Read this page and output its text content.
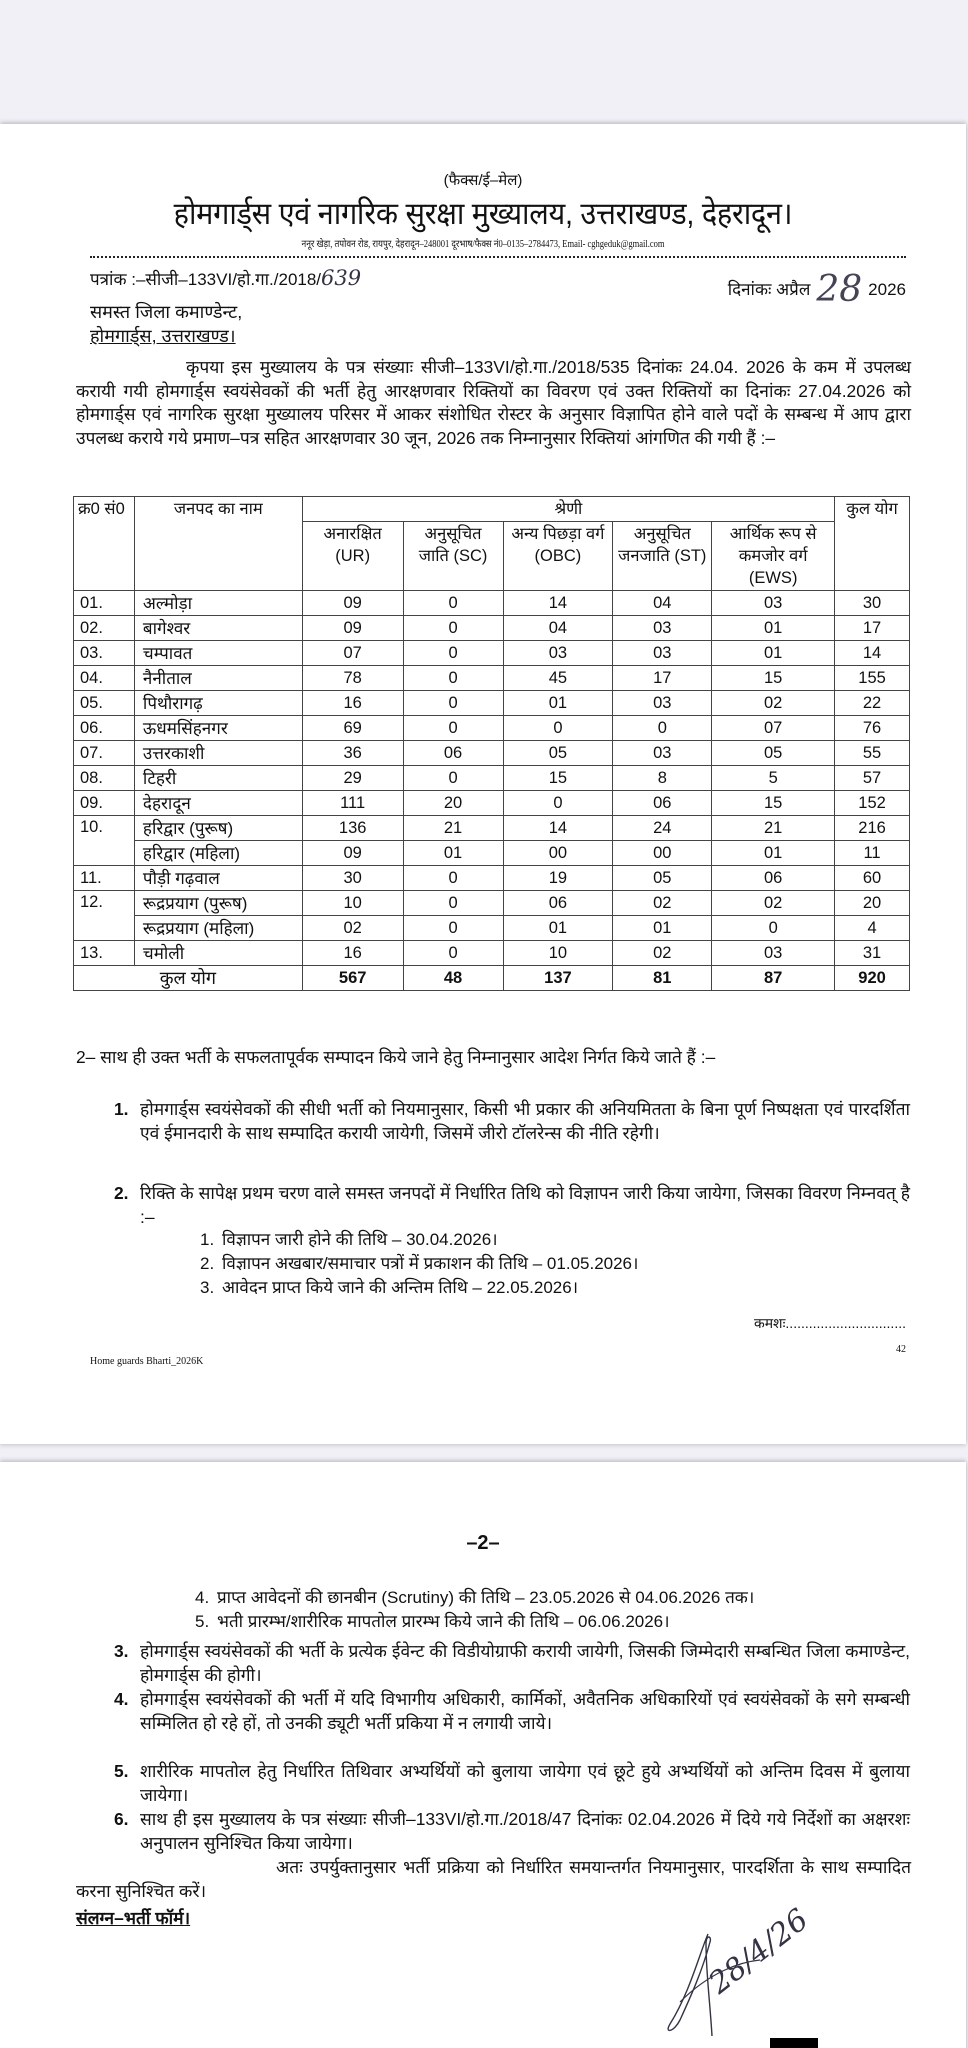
(फैक्स/ई–मेल)
होमगार्ड्स एवं नागरिक सुरक्षा मुख्यालय, उत्तराखण्ड, देहरादून।
ननूर खेड़ा, तपोवन रोड, रायपुर, देहरादून–248001 दूरभाष/फैक्स नं0–0135–2784473, Email- cghgeduk@gmail.com
पत्रांक :–सीजी–133VI/हो.गा./2018/639	दिनांकः अप्रैल 28 2026
समस्त जिला कमाण्डेन्ट,
होमगार्ड्स, उत्तराखण्ड।
कृपया इस मुख्यालय के पत्र संख्याः सीजी–133VI/हो.गा./2018/535 दिनांकः 24.04. 2026 के कम में उपलब्ध करायी गयी होमगार्ड्स स्वयंसेवकों की भर्ती हेतु आरक्षणवार रिक्तियों का विवरण एवं उक्त रिक्तियों का दिनांकः 27.04.2026 को होमगार्ड्स एवं नागरिक सुरक्षा मुख्यालय परिसर में आकर संशोधित रोस्टर के अनुसार विज्ञापित होने वाले पदों के सम्बन्ध में आप द्वारा उपलब्ध कराये गये प्रमाण–पत्र सहित आरक्षणवार 30 जून, 2026 तक निम्नानुसार रिक्तियां आंगणित की गयी हैं :–
क्र0 सं0	जनपद का नाम	श्रेणी					कुल योग
		अनारक्षित (UR)	अनुसूचित जाति (SC)	अन्य पिछड़ा वर्ग (OBC)	अनुसूचित जनजाति (ST)	आर्थिक रूप से कमजोर वर्ग (EWS)	
01.	अल्मोड़ा	09	0	14	04	03	30
02.	बागेश्वर	09	0	04	03	01	17
03.	चम्पावत	07	0	03	03	01	14
04.	नैनीताल	78	0	45	17	15	155
05.	पिथौरागढ़	16	0	01	03	02	22
06.	ऊधमसिंहनगर	69	0	0	0	07	76
07.	उत्तरकाशी	36	06	05	03	05	55
08.	टिहरी	29	0	15	8	5	57
09.	देहरादून	111	20	0	06	15	152
10.	हरिद्वार (पुरूष)	136	21	14	24	21	216
	हरिद्वार (महिला)	09	01	00	00	01	11
11.	पौड़ी गढ़वाल	30	0	19	05	06	60
12.	रूद्रप्रयाग (पुरूष)	10	0	06	02	02	20
	रूद्रप्रयाग (महिला)	02	0	01	01	0	4
13.	चमोली	16	0	10	02	03	31
कुल योग		567	48	137	81	87	920
2– साथ ही उक्त भर्ती के सफलतापूर्वक सम्पादन किये जाने हेतु निम्नानुसार आदेश निर्गत किये जाते हैं :–
1. होमगार्ड्स स्वयंसेवकों की सीधी भर्ती को नियमानुसार, किसी भी प्रकार की अनियमितता के बिना पूर्ण निष्पक्षता एवं पारदर्शिता एवं ईमानदारी के साथ सम्पादित करायी जायेगी, जिसमें जीरो टॉलरेन्स की नीति रहेगी।
2. रिक्ति के सापेक्ष प्रथम चरण वाले समस्त जनपदों में निर्धारित तिथि को विज्ञापन जारी किया जायेगा, जिसका विवरण निम्नवत् है :–
1. विज्ञापन जारी होने की तिथि – 30.04.2026।
2. विज्ञापन अखबार/समाचार पत्रों में प्रकाशन की तिथि – 01.05.2026।
3. आवेदन प्राप्त किये जाने की अन्तिम तिथि – 22.05.2026।
कमशः...............................
42
Home guards Bharti_2026K
–2–
4. प्राप्त आवेदनों की छानबीन (Scrutiny) की तिथि – 23.05.2026 से 04.06.2026 तक।
5. भती प्रारम्भ/शारीरिक मापतोल प्रारम्भ किये जाने की तिथि – 06.06.2026।
3. होमगार्ड्स स्वयंसेवकों की भर्ती के प्रत्येक ईवेन्ट की विडीयोग्राफी करायी जायेगी, जिसकी जिम्मेदारी सम्बन्धित जिला कमाण्डेन्ट, होमगार्ड्स की होगी।
4. होमगार्ड्स स्वयंसेवकों की भर्ती में यदि विभागीय अधिकारी, कार्मिकों, अवैतनिक अधिकारियों एवं स्वयंसेवकों के सगे सम्बन्धी सम्मिलित हो रहे हों, तो उनकी ड्यूटी भर्ती प्रकिया में न लगायी जाये।
5. शारीरिक मापतोल हेतु निर्धारित तिथिवार अभ्यर्थियों को बुलाया जायेगा एवं छूटे हुये अभ्यर्थियों को अन्तिम दिवस में बुलाया जायेगा।
6. साथ ही इस मुख्यालय के पत्र संख्याः सीजी–133VI/हो.गा./2018/47 दिनांकः 02.04.2026 में दिये गये निर्देशों का अक्षरशः अनुपालन सुनिश्चित किया जायेगा।
अतः उपर्युक्तानुसार भर्ती प्रक्रिया को निर्धारित समयान्तर्गत नियमानुसार, पारदर्शिता के साथ सम्पादित करना सुनिश्चित करें।
संलग्न–भर्ती फॉर्म।	28/4/26
